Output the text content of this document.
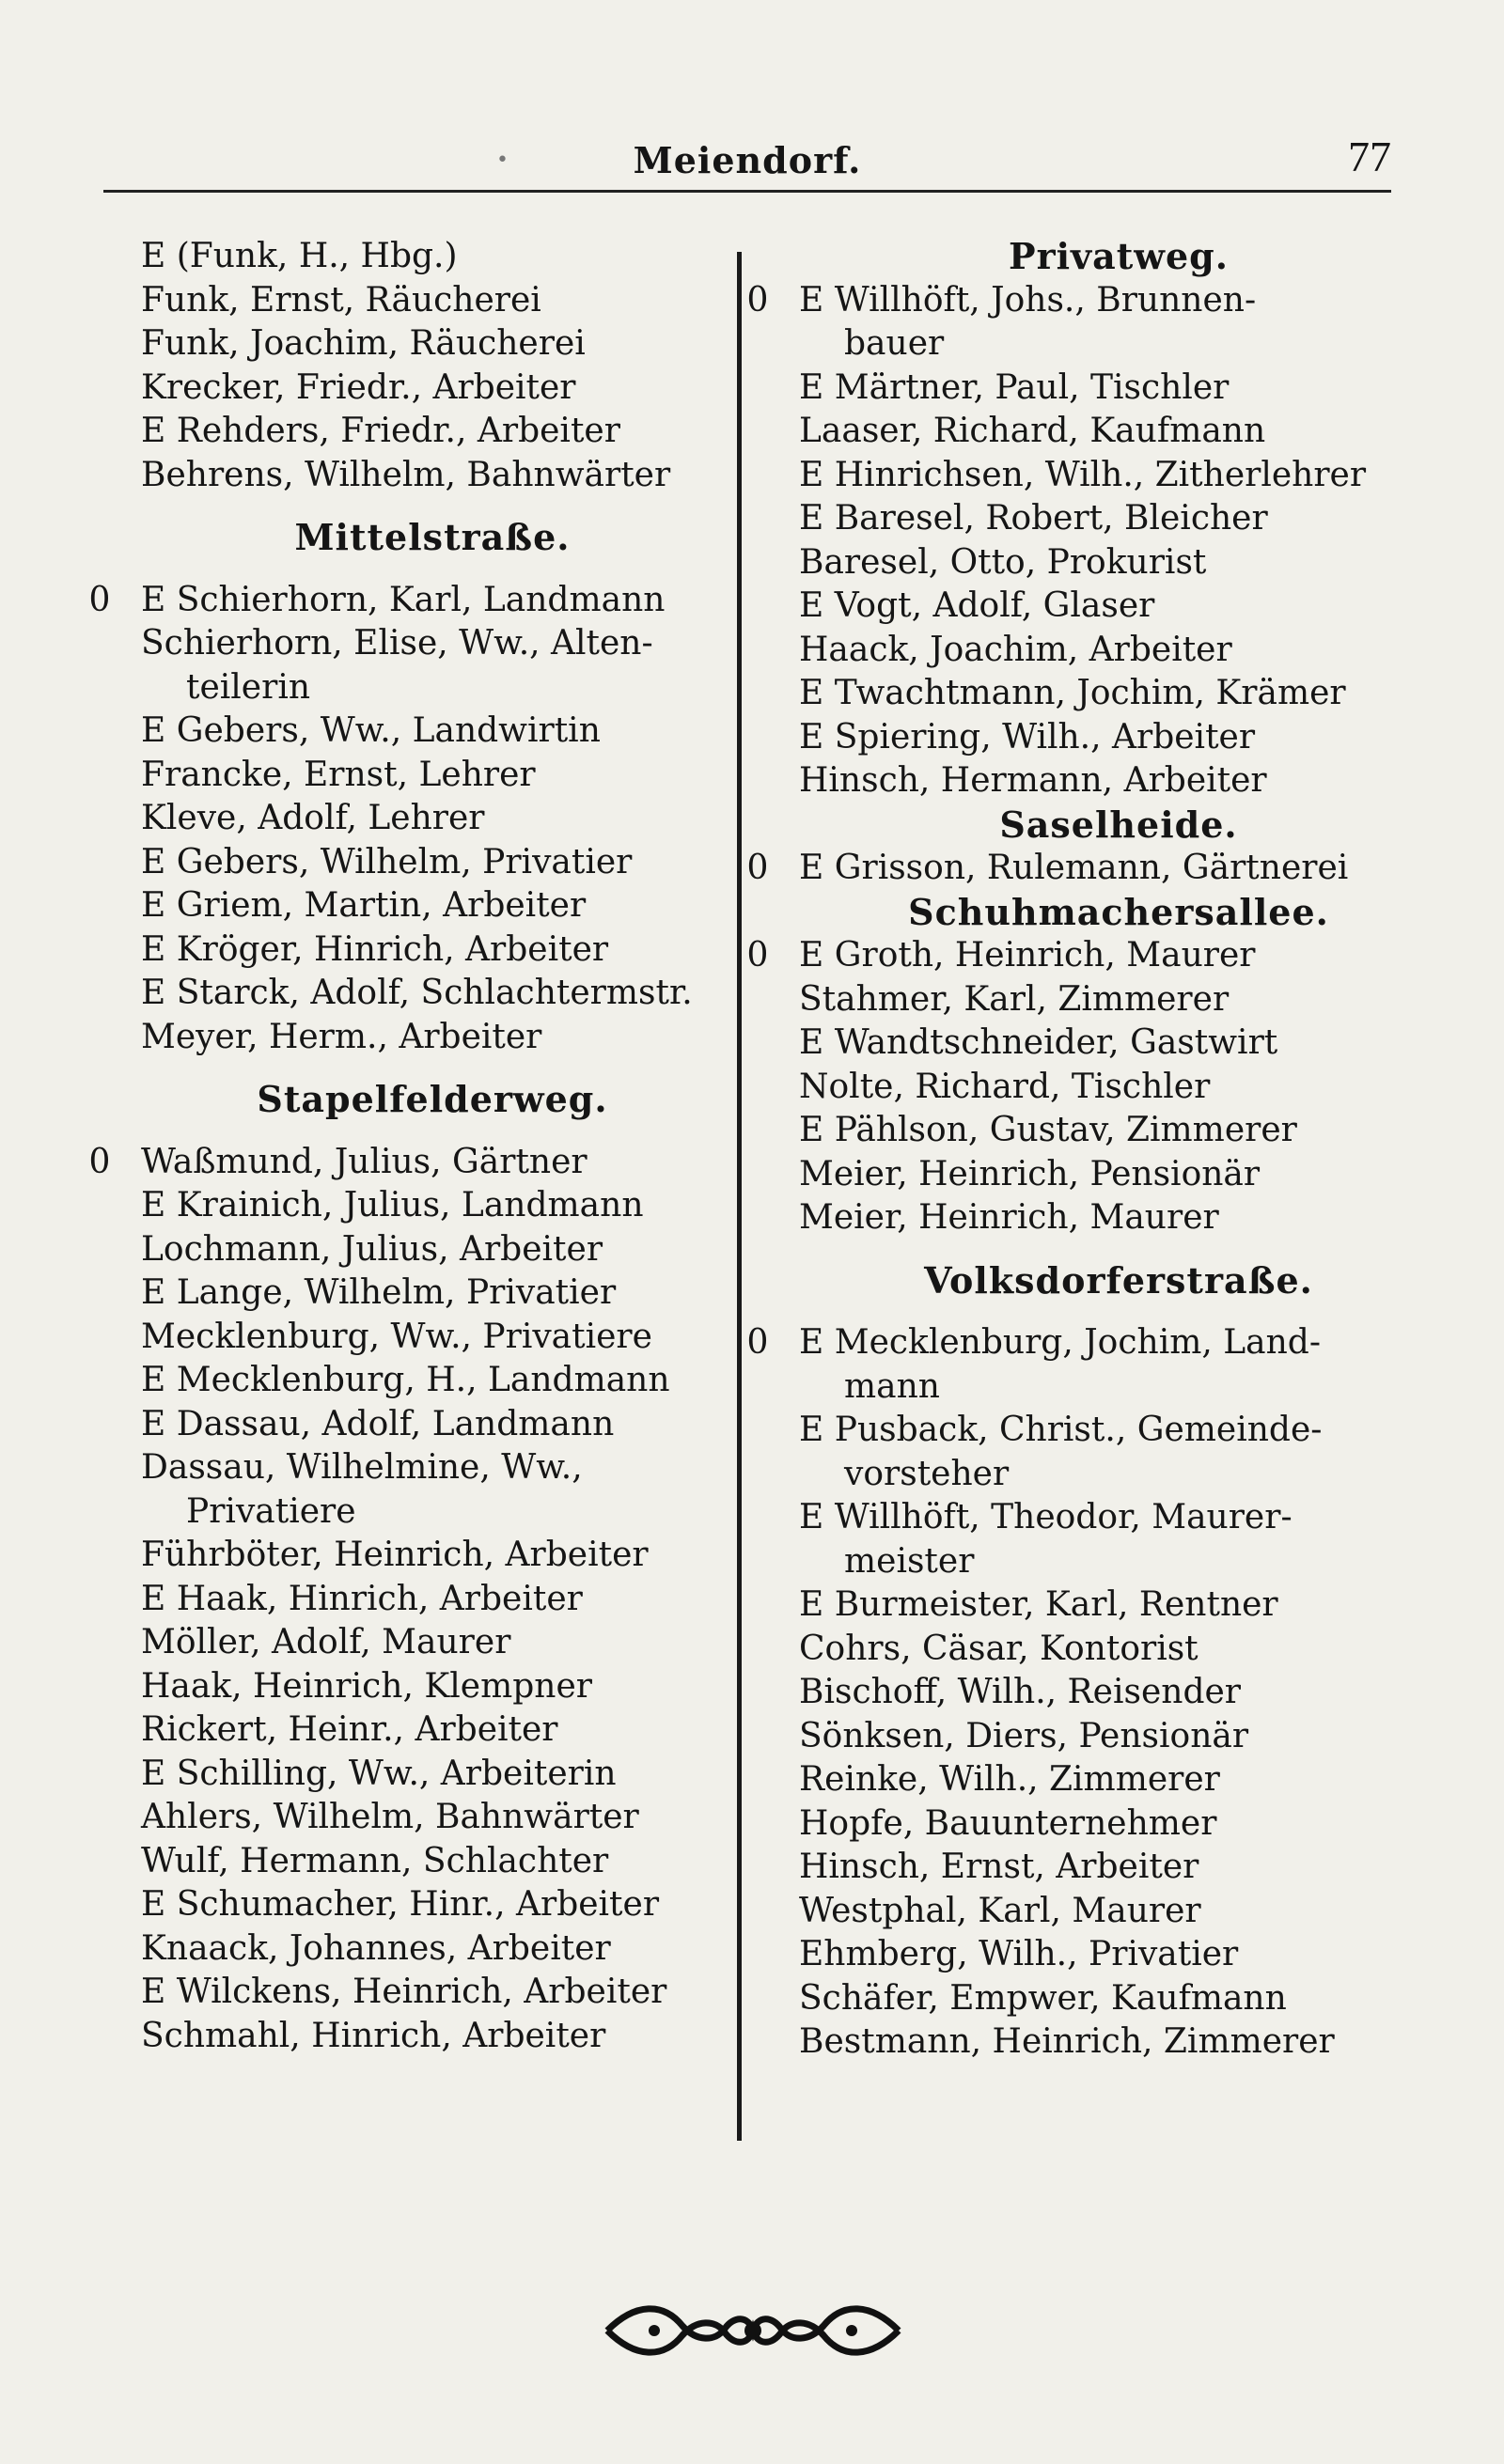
•	Meiendorf.	77
E (Funk, H., Hbg.)
Funk, Ernst, Räucherei
Funk, Joachim, Räucherei
Krecker, Friedr., Arbeiter
E Rehders, Friedr., Arbeiter
Behrens, Wilhelm, Bahnwärter
Mittelstraße.
0 E Schierhorn, Karl, Landmann
Schierhorn, Elise, Ww., Alten-
teilerin
E Gebers, Ww., Landwirtin
Francke, Ernst, Lehrer
Kleve, Adolf, Lehrer
E Gebers, Wilhelm, Privatier
E Griem, Martin, Arbeiter
E Kröger, Hinrich, Arbeiter
E Starck, Adolf, Schlachtermstr.
Meyer, Herm., Arbeiter
Stapelfelderweg.
0 Waßmund, Julius, Gärtner
E Krainich, Julius, Landmann
Lochmann, Julius, Arbeiter
E Lange, Wilhelm, Privatier
Mecklenburg, Ww., Privatiere
E Mecklenburg, H., Landmann
E Dassau, Adolf, Landmann
Dassau, Wilhelmine, Ww.,
Privatiere
Führböter, Heinrich, Arbeiter
E Haak, Hinrich, Arbeiter
Möller, Adolf, Maurer
Haak, Heinrich, Klempner
Rickert, Heinr., Arbeiter
E Schilling, Ww., Arbeiterin
Ahlers, Wilhelm, Bahnwärter
Wulf, Hermann, Schlachter
E Schumacher, Hinr., Arbeiter
Knaack, Johannes, Arbeiter
E Wilckens, Heinrich, Arbeiter
Schmahl, Hinrich, Arbeiter
Privatweg.
0 E Willhöft, Johs., Brunnen-
bauer
E Märtner, Paul, Tischler
Laaser, Richard, Kaufmann
E Hinrichsen, Wilh., Zitherlehrer
E Baresel, Robert, Bleicher
Baresel, Otto, Prokurist
E Vogt, Adolf, Glaser
Haack, Joachim, Arbeiter
E Twachtmann, Jochim, Krämer
E Spiering, Wilh., Arbeiter
Hinsch, Hermann, Arbeiter
Saselheide.
0 E Grisson, Rulemann, Gärtnerei
Schuhmachersallee.
0 E Groth, Heinrich, Maurer
Stahmer, Karl, Zimmerer
E Wandtschneider, Gastwirt
Nolte, Richard, Tischler
E Pählson, Gustav, Zimmerer
Meier, Heinrich, Pensionär
Meier, Heinrich, Maurer
Volksdorferstraße.
0 E Mecklenburg, Jochim, Land-
mann
E Pusback, Christ., Gemeinde-
vorsteher
E Willhöft, Theodor, Maurer-
meister
E Burmeister, Karl, Rentner
Cohrs, Cäsar, Kontorist
Bischoff, Wilh., Reisender
Sönksen, Diers, Pensionär
Reinke, Wilh., Zimmerer
Hopfe, Bauunternehmer
Hinsch, Ernst, Arbeiter
Westphal, Karl, Maurer
Ehmberg, Wilh., Privatier
Schäfer, Empwer, Kaufmann
Bestmann, Heinrich, Zimmerer
